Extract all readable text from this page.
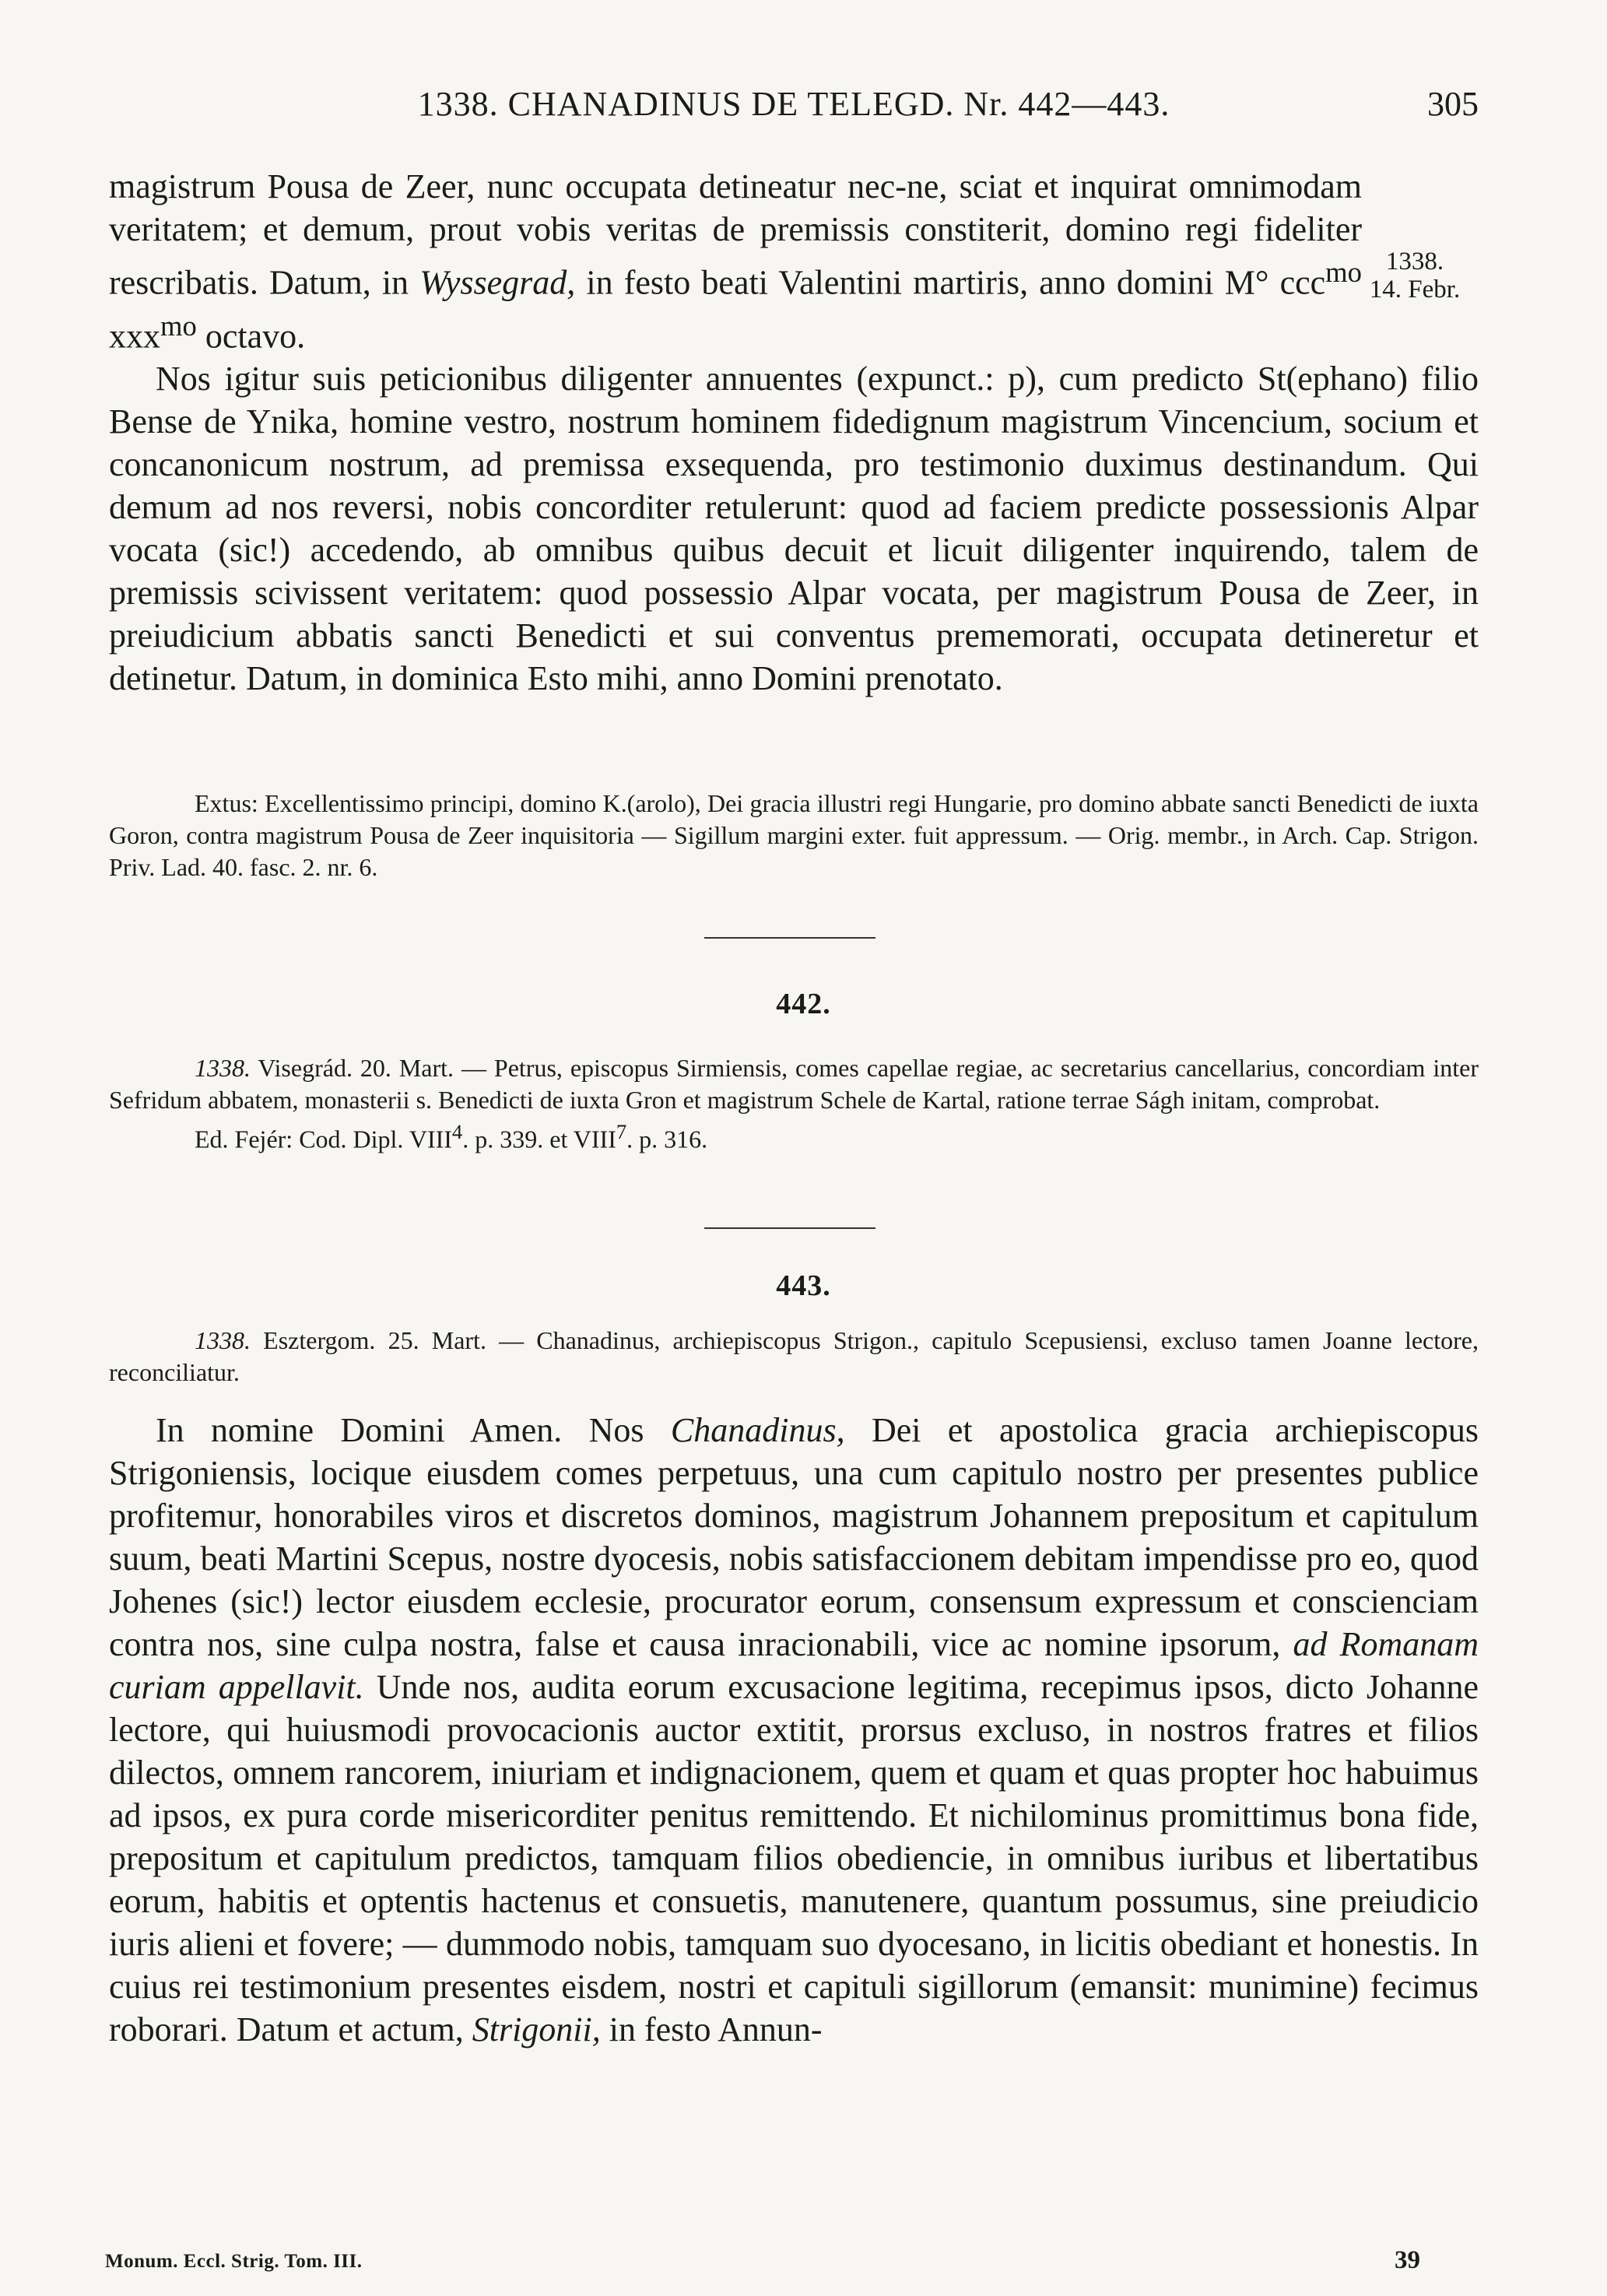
1338. CHANADINUS DE TELEGD. Nr. 442—443.	305

magistrum Pousa de Zeer, nunc occupata detineatur nec-ne, sciat et inquirat omnimodam veritatem; et demum, prout vobis veritas de premissis constiterit, domino regi fideliter rescribatis. Datum, in Wyssegrad, in festo beati Valentini martiris, anno domini M° ccc$^{mo}$ xxx$^{mo}$ octavo.

Nos igitur suis peticionibus diligenter annuentes (expunct.: p), cum predicto St(ephano) filio Bense de Ynika, homine vestro, nostrum hominem fidedignum magistrum Vincencium, socium et concanonicum nostrum, ad premissa exsequenda, pro testimonio duximus destinandum. Qui demum ad nos reversi, nobis concorditer retulerunt: quod ad faciem predicte possessionis Alpar vocata (sic!) accedendo, ab omnibus quibus decuit et licuit diligenter inquirendo, talem de premissis scivissent veritatem: quod possessio Alpar vocata, per magistrum Pousa de Zeer, in preiudicium abbatis sancti Benedicti et sui conventus prememorati, occupata detineretur et detinetur. Datum, in dominica Esto mihi, anno Domini prenotato.

1338.
14. Febr.

Extus: Excellentissimo principi, domino K.(arolo), Dei gracia illustri regi Hungarie, pro domino abbate sancti Benedicti de iuxta Goron, contra magistrum Pousa de Zeer inquisitoria — Sigillum margini exter. fuit appressum. — Orig. membr., in Arch. Cap. Strigon. Priv. Lad. 40. fasc. 2. nr. 6.

442.

1338. Visegrád. 20. Mart. — Petrus, episcopus Sirmiensis, comes capellae regiae, ac secretarius cancellarius, concordiam inter Sefridum abbatem, monasterii s. Benedicti de iuxta Gron et magistrum Schele de Kartal, ratione terrae Ságh initam, comprobat.

Ed. Fejér: Cod. Dipl. VIII$^4$. p. 339. et VIII$^7$. p. 316.

443.

1338. Esztergom. 25. Mart. — Chanadinus, archiepiscopus Strigon., capitulo Scepusiensi, excluso tamen Joanne lectore, reconciliatur.

In nomine Domini Amen. Nos Chanadinus, Dei et apostolica gracia archiepiscopus Strigoniensis, locique eiusdem comes perpetuus, una cum capitulo nostro per presentes publice profitemur, honorabiles viros et discretos dominos, magistrum Johannem prepositum et capitulum suum, beati Martini Scepus, nostre dyocesis, nobis satisfaccionem debitam impendisse pro eo, quod Johenes (sic!) lector eiusdem ecclesie, procurator eorum, consensum expressum et conscienciam contra nos, sine culpa nostra, false et causa inracionabili, vice ac nomine ipsorum, ad Romanam curiam appellavit. Unde nos, audita eorum excusacione legitima, recepimus ipsos, dicto Johanne lectore, qui huiusmodi provocacionis auctor extitit, prorsus excluso, in nostros fratres et filios dilectos, omnem rancorem, iniuriam et indignacionem, quem et quam et quas propter hoc habuimus ad ipsos, ex pura corde misericorditer penitus remittendo. Et nichilominus promittimus bona fide, prepositum et capitulum predictos, tamquam filios obediencie, in omnibus iuribus et libertatibus eorum, habitis et optentis hactenus et consuetis, manutenere, quantum possumus, sine preiudicio iuris alieni et fovere; — dummodo nobis, tamquam suo dyocesano, in licitis obediant et honestis. In cuius rei testimonium presentes eisdem, nostri et capituli sigillorum (emansit: munimine) fecimus roborari. Datum et actum, Strigonii, in festo Annun-

Monum. Eccl. Strig. Tom. III.	39
